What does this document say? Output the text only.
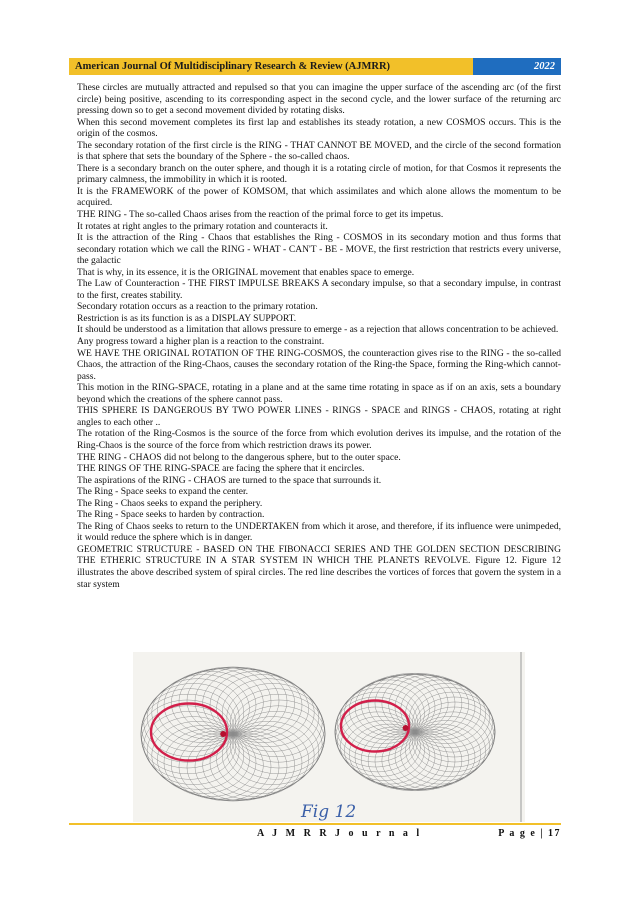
American Journal Of Multidisciplinary Research & Review (AJMRR)	2022

These circles are mutually attracted and repulsed so that you can imagine the upper surface of the ascending arc (of the first circle) being positive, ascending to its corresponding aspect in the second cycle, and the lower surface of the returning arc pressing down so to get a second movement divided by rotating disks.

When this second movement completes its first lap and establishes its steady rotation, a new COSMOS occurs. This is the origin of the cosmos.

The secondary rotation of the first circle is the RING - THAT CANNOT BE MOVED, and the circle of the second formation is that sphere that sets the boundary of the Sphere - the so-called chaos.

There is a secondary branch on the outer sphere, and though it is a rotating circle of motion, for that Cosmos it represents the primary calmness, the immobility in which it is rooted.

It is the FRAMEWORK of the power of KOMSOM, that which assimilates and which alone allows the momentum to be acquired.

THE RING - The so-called Chaos arises from the reaction of the primal force to get its impetus.

It rotates at right angles to the primary rotation and counteracts it.

It is the attraction of the Ring - Chaos that establishes the Ring - COSMOS in its secondary motion and thus forms that secondary rotation which we call the RING - WHAT - CAN'T - BE - MOVE, the first restriction that restricts every universe, the galactic

That is why, in its essence, it is the ORIGINAL movement that enables space to emerge.

The Law of Counteraction - THE FIRST IMPULSE BREAKS A secondary impulse, so that a secondary impulse, in contrast to the first, creates stability.

Secondary rotation occurs as a reaction to the primary rotation.

Restriction is as its function is as a DISPLAY SUPPORT.

It should be understood as a limitation that allows pressure to emerge - as a rejection that allows concentration to be achieved.

Any progress toward a higher plan is a reaction to the constraint.

WE HAVE THE ORIGINAL ROTATION OF THE RING-COSMOS, the counteraction gives rise to the RING - the so-called Chaos, the attraction of the Ring-Chaos, causes the secondary rotation of the Ring-the Space, forming the Ring-which cannot-pass.

This motion in the RING-SPACE, rotating in a plane and at the same time rotating in space as if on an axis, sets a boundary beyond which the creations of the sphere cannot pass.

THIS SPHERE IS DANGEROUS BY TWO POWER LINES - RINGS - SPACE and RINGS - CHAOS, rotating at right angles to each other ..

The rotation of the Ring-Cosmos is the source of the force from which evolution derives its impulse, and the rotation of the Ring-Chaos is the source of the force from which restriction draws its power.

THE RING - CHAOS did not belong to the dangerous sphere, but to the outer space.

THE RINGS OF THE RING-SPACE are facing the sphere that it encircles.

The aspirations of the RING - CHAOS are turned to the space that surrounds it.

The Ring - Space seeks to expand the center.

The Ring - Chaos seeks to expand the periphery.

The Ring - Space seeks to harden by contraction.

The Ring of Chaos seeks to return to the UNDERTAKEN from which it arose, and therefore, if its influence were unimpeded, it would reduce the sphere which is in danger.

GEOMETRIC STRUCTURE - BASED ON THE FIBONACCI SERIES AND THE GOLDEN SECTION DESCRIBING THE ETHERIC STRUCTURE IN A STAR SYSTEM IN WHICH THE PLANETS REVOLVE. Figure 12. Figure 12 illustrates the above described system of spiral circles. The red line describes the vortices of forces that govern the system in a star system

Fig 12
A J M R R J o u r n a l	P a g e | 17
